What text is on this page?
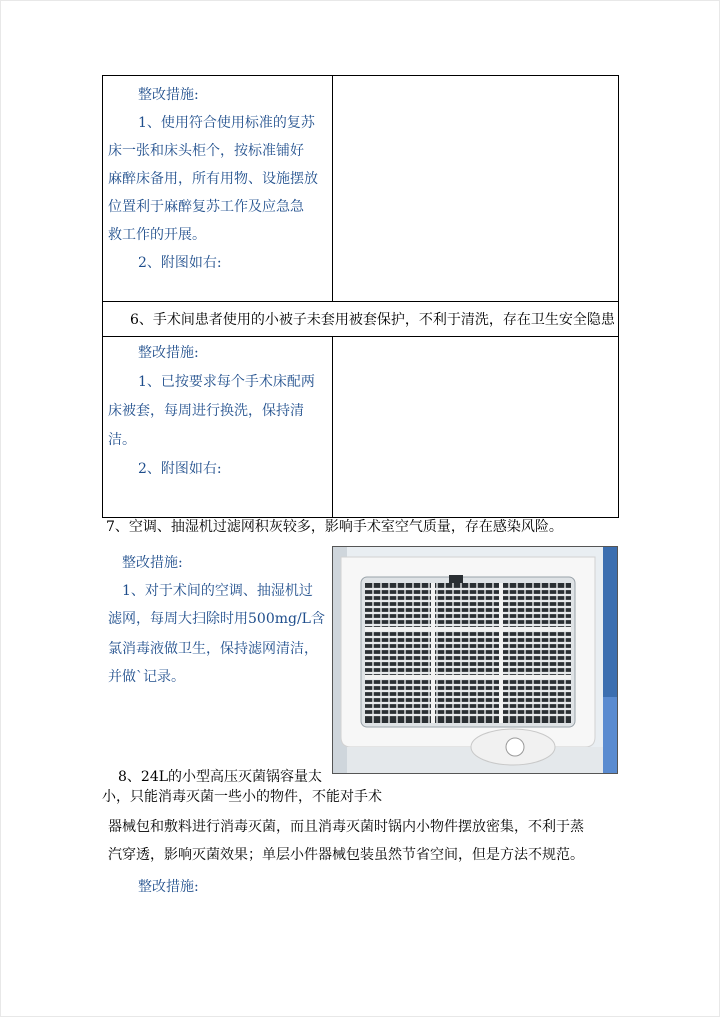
整改措施:
1、使用符合使用标准的复苏
床一张和床头柜个，按标准铺好
麻醉床备用，所有用物、设施摆放
位置利于麻醉复苏工作及应急急
救工作的开展。
2、附图如右:
6、手术间患者使用的小被子未套用被套保护，不利于清洗，存在卫生安全隐患
整改措施:
1、已按要求每个手术床配两
床被套，每周进行换洗，保持清
洁。
2、附图如右:
7、空调、抽湿机过滤网积灰较多，影响手术室空气质量，存在感染风险。
整改措施:
1、对于术间的空调、抽湿机过
滤网，每周大扫除时用500mg/L含
氯消毒液做卫生，保持滤网清洁，
并做`记录。
8、24L的小型高压灭菌锅容量太
小，只能消毒灭菌一些小的物件，不能对手术
器械包和敷料进行消毒灭菌，而且消毒灭菌时锅内小物件摆放密集，不利于蒸
汽穿透，影响灭菌效果；单层小件器械包装虽然节省空间，但是方法不规范。
整改措施:
